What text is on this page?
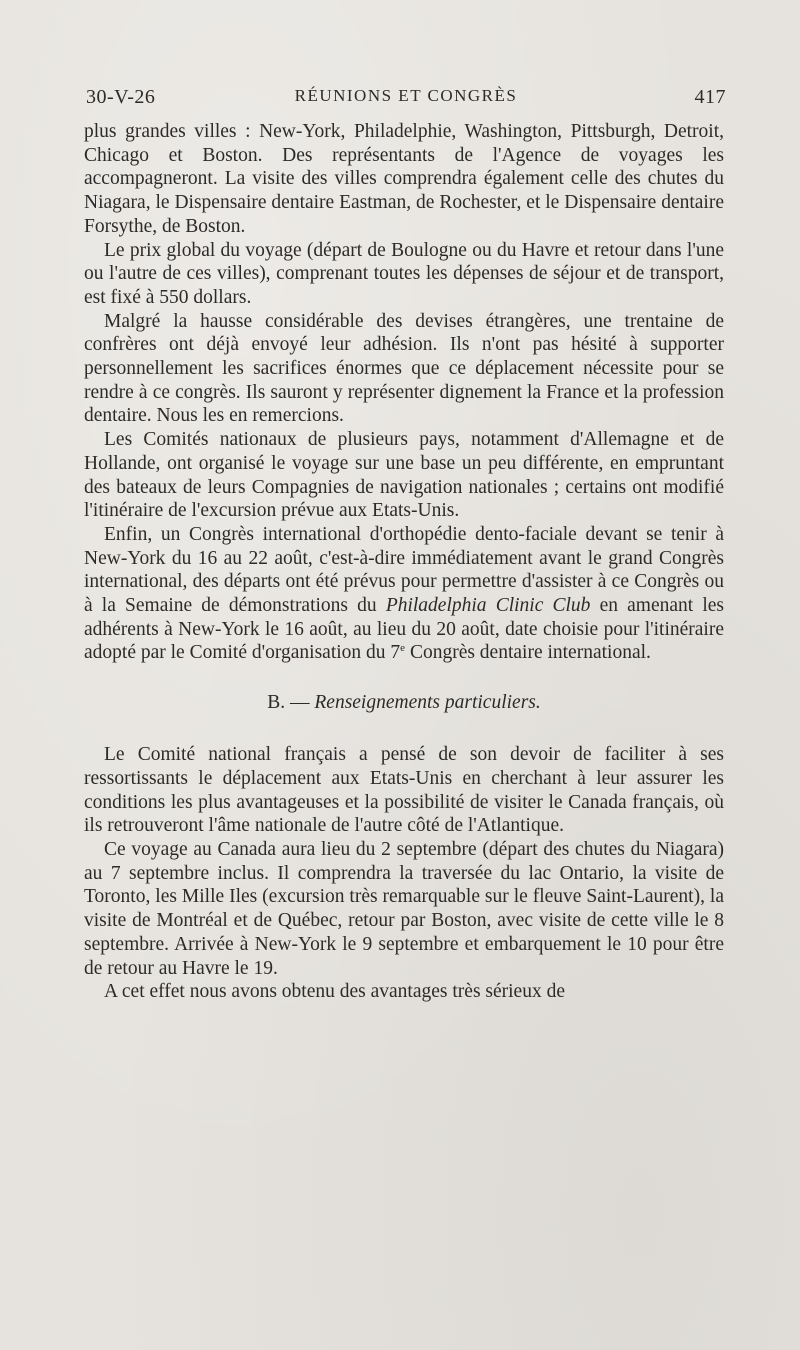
30-V-26	RÉUNIONS ET CONGRÈS	417

plus grandes villes : New-York, Philadelphie, Washington, Pittsburgh, Detroit, Chicago et Boston. Des représentants de l'Agence de voyages les accompagneront. La visite des villes comprendra également celle des chutes du Niagara, le Dispensaire dentaire Eastman, de Rochester, et le Dispensaire dentaire Forsythe, de Boston.

Le prix global du voyage (départ de Boulogne ou du Havre et retour dans l'une ou l'autre de ces villes), comprenant toutes les dépenses de séjour et de transport, est fixé à 550 dollars.

Malgré la hausse considérable des devises étrangères, une trentaine de confrères ont déjà envoyé leur adhésion. Ils n'ont pas hésité à supporter personnellement les sacrifices énormes que ce déplacement nécessite pour se rendre à ce congrès. Ils sauront y représenter dignement la France et la profession dentaire. Nous les en remercions.

Les Comités nationaux de plusieurs pays, notamment d'Allemagne et de Hollande, ont organisé le voyage sur une base un peu différente, en empruntant des bateaux de leurs Compagnies de navigation nationales ; certains ont modifié l'itinéraire de l'excursion prévue aux Etats-Unis.

Enfin, un Congrès international d'orthopédie dento-faciale devant se tenir à New-York du 16 au 22 août, c'est-à-dire immédiatement avant le grand Congrès international, des départs ont été prévus pour permettre d'assister à ce Congrès ou à la Semaine de démonstrations du Philadelphia Clinic Club en amenant les adhérents à New-York le 16 août, au lieu du 20 août, date choisie pour l'itinéraire adopté par le Comité d'organisation du 7e Congrès dentaire international.

B. — Renseignements particuliers.

Le Comité national français a pensé de son devoir de faciliter à ses ressortissants le déplacement aux Etats-Unis en cherchant à leur assurer les conditions les plus avantageuses et la possibilité de visiter le Canada français, où ils retrouveront l'âme nationale de l'autre côté de l'Atlantique.

Ce voyage au Canada aura lieu du 2 septembre (départ des chutes du Niagara) au 7 septembre inclus. Il comprendra la traversée du lac Ontario, la visite de Toronto, les Mille Iles (excursion très remarquable sur le fleuve Saint-Laurent), la visite de Montréal et de Québec, retour par Boston, avec visite de cette ville le 8 septembre. Arrivée à New-York le 9 septembre et embarquement le 10 pour être de retour au Havre le 19.

A cet effet nous avons obtenu des avantages très sérieux de
